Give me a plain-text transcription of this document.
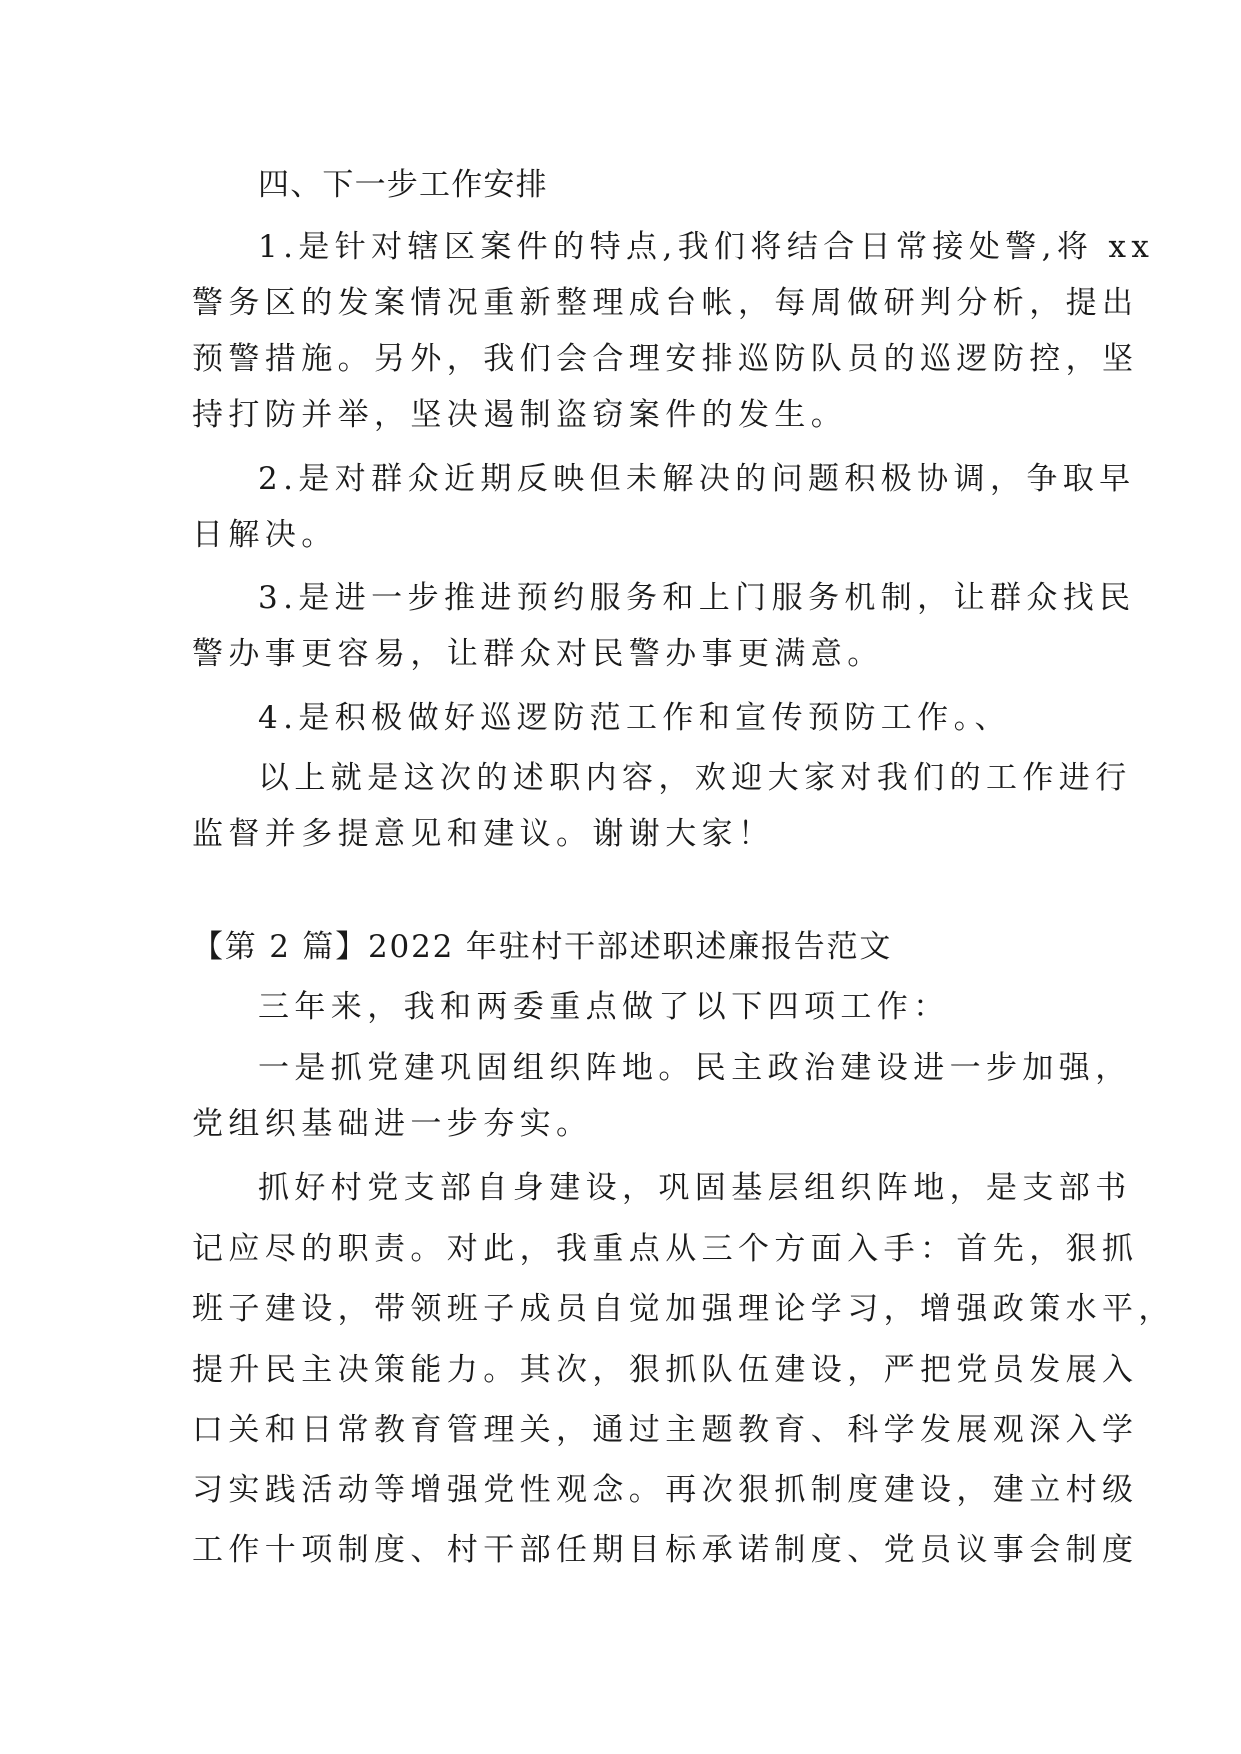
四、下一步工作安排
1.是针对辖区案件的特点,我们将结合日常接处警,将 xx
警务区的发案情况重新整理成台帐，每周做研判分析，提出
预警措施。另外，我们会合理安排巡防队员的巡逻防控，坚
持打防并举，坚决遏制盗窃案件的发生。
2.是对群众近期反映但未解决的问题积极协调，争取早
日解决。
3.是进一步推进预约服务和上门服务机制，让群众找民
警办事更容易，让群众对民警办事更满意。
4.是积极做好巡逻防范工作和宣传预防工作。、
以上就是这次的述职内容，欢迎大家对我们的工作进行
监督并多提意见和建议。谢谢大家！
【第 2 篇】2022 年驻村干部述职述廉报告范文
三年来，我和两委重点做了以下四项工作：
一是抓党建巩固组织阵地。民主政治建设进一步加强，
党组织基础进一步夯实。
抓好村党支部自身建设，巩固基层组织阵地，是支部书
记应尽的职责。对此，我重点从三个方面入手：首先，狠抓
班子建设，带领班子成员自觉加强理论学习，增强政策水平，
提升民主决策能力。其次，狠抓队伍建设，严把党员发展入
口关和日常教育管理关，通过主题教育、科学发展观深入学
习实践活动等增强党性观念。再次狠抓制度建设，建立村级
工作十项制度、村干部任期目标承诺制度、党员议事会制度
